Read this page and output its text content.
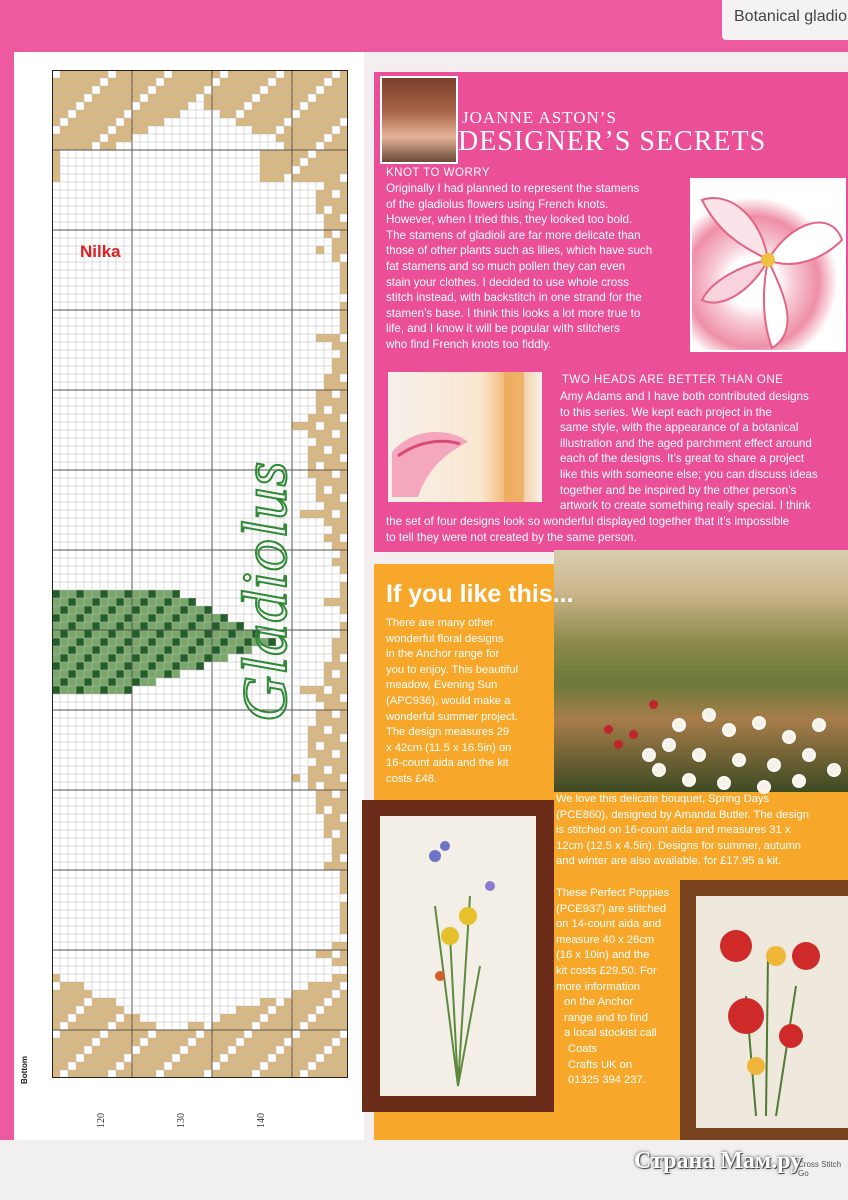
Botanical gladio
Nilka
Gladiolus
Bottom
120	130	140
JOANNE ASTON’S
DESIGNER’S SECRETS
KNOT TO WORRY
Originally I had planned to represent the stamens
of the gladiolus flowers using French knots.
However, when I tried this, they looked too bold.
The stamens of gladioli are far more delicate than
those of other plants such as lilies, which have such
fat stamens and so much pollen they can even
stain your clothes. I decided to use whole cross
stitch instead, with backstitch in one strand for the
stamen’s base. I think this looks a lot more true to
life, and I know it will be popular with stitchers
who find French knots too fiddly.
TWO HEADS ARE BETTER THAN ONE
Amy Adams and I have both contributed designs
to this series. We kept each project in the
same style, with the appearance of a botanical
illustration and the aged parchment effect around
each of the designs. It’s great to share a project
like this with someone else; you can discuss ideas
together and be inspired by the other person’s
artwork to create something really special. I think
the set of four designs look so wonderful displayed together that it’s impossible
to tell they were not created by the same person.
If you like this...
There are many other
wonderful floral designs
in the Anchor range for
you to enjoy. This beautiful
meadow, Evening Sun
(APC936), would make a
wonderful summer project.
The design measures 29
x 42cm (11.5 x 16.5in) on
16-count aida and the kit
costs £48.
We love this delicate bouquet, Spring Days
(PCE860), designed by Amanda Butler. The design
is stitched on 16-count aida and measures 31 x
12cm (12.5 x 4.5in). Designs for summer, autumn
and winter are also available, for £17.95 a kit.
These Perfect Poppies
(PCE937) are stitched
on 14-count aida and
measure 40 x 26cm
(16 x 10in) and the
kit costs £29.50. For
more information
on the Anchor
range and to find
a local stockist call
Coats
Crafts UK on
01325 394 237.
Cross Stitch Go
Страна Мам.ру
